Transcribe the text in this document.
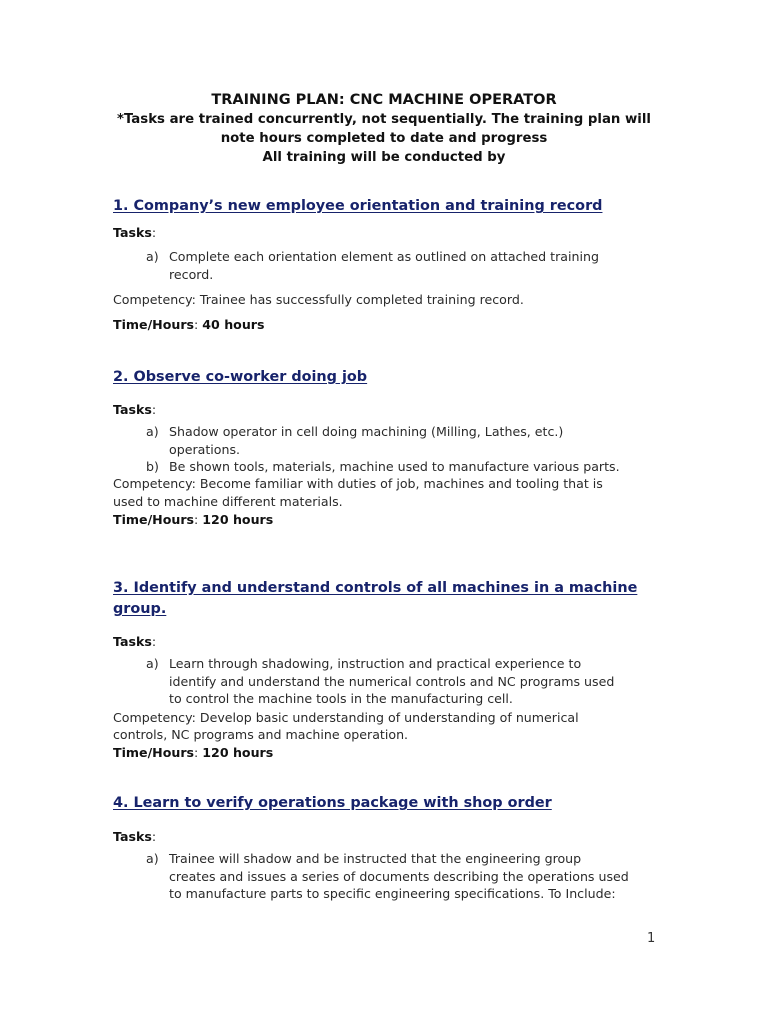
TRAINING PLAN: CNC MACHINE OPERATOR
*Tasks are trained concurrently, not sequentially. The training plan will
note hours completed to date and progress
All training will be conducted by

1. Company’s new employee orientation and training record

Tasks:

a) Complete each orientation element as outlined on attached training
record.

Competency: Trainee has successfully completed training record.

Time/Hours: 40 hours

2. Observe co-worker doing job

Tasks:

a) Shadow operator in cell doing machining (Milling, Lathes, etc.)
operations.
b) Be shown tools, materials, machine used to manufacture various parts.

Competency: Become familiar with duties of job, machines and tooling that is

used to machine different materials.

Time/Hours: 120 hours

3. Identify and understand controls of all machines in a machine

group.

Tasks:

a) Learn through shadowing, instruction and practical experience to
identify and understand the numerical controls and NC programs used
to control the machine tools in the manufacturing cell.

Competency: Develop basic understanding of understanding of numerical

controls, NC programs and machine operation.

Time/Hours: 120 hours

4. Learn to verify operations package with shop order

Tasks:

a) Trainee will shadow and be instructed that the engineering group
creates and issues a series of documents describing the operations used
to manufacture parts to specific engineering specifications. To Include:
1
